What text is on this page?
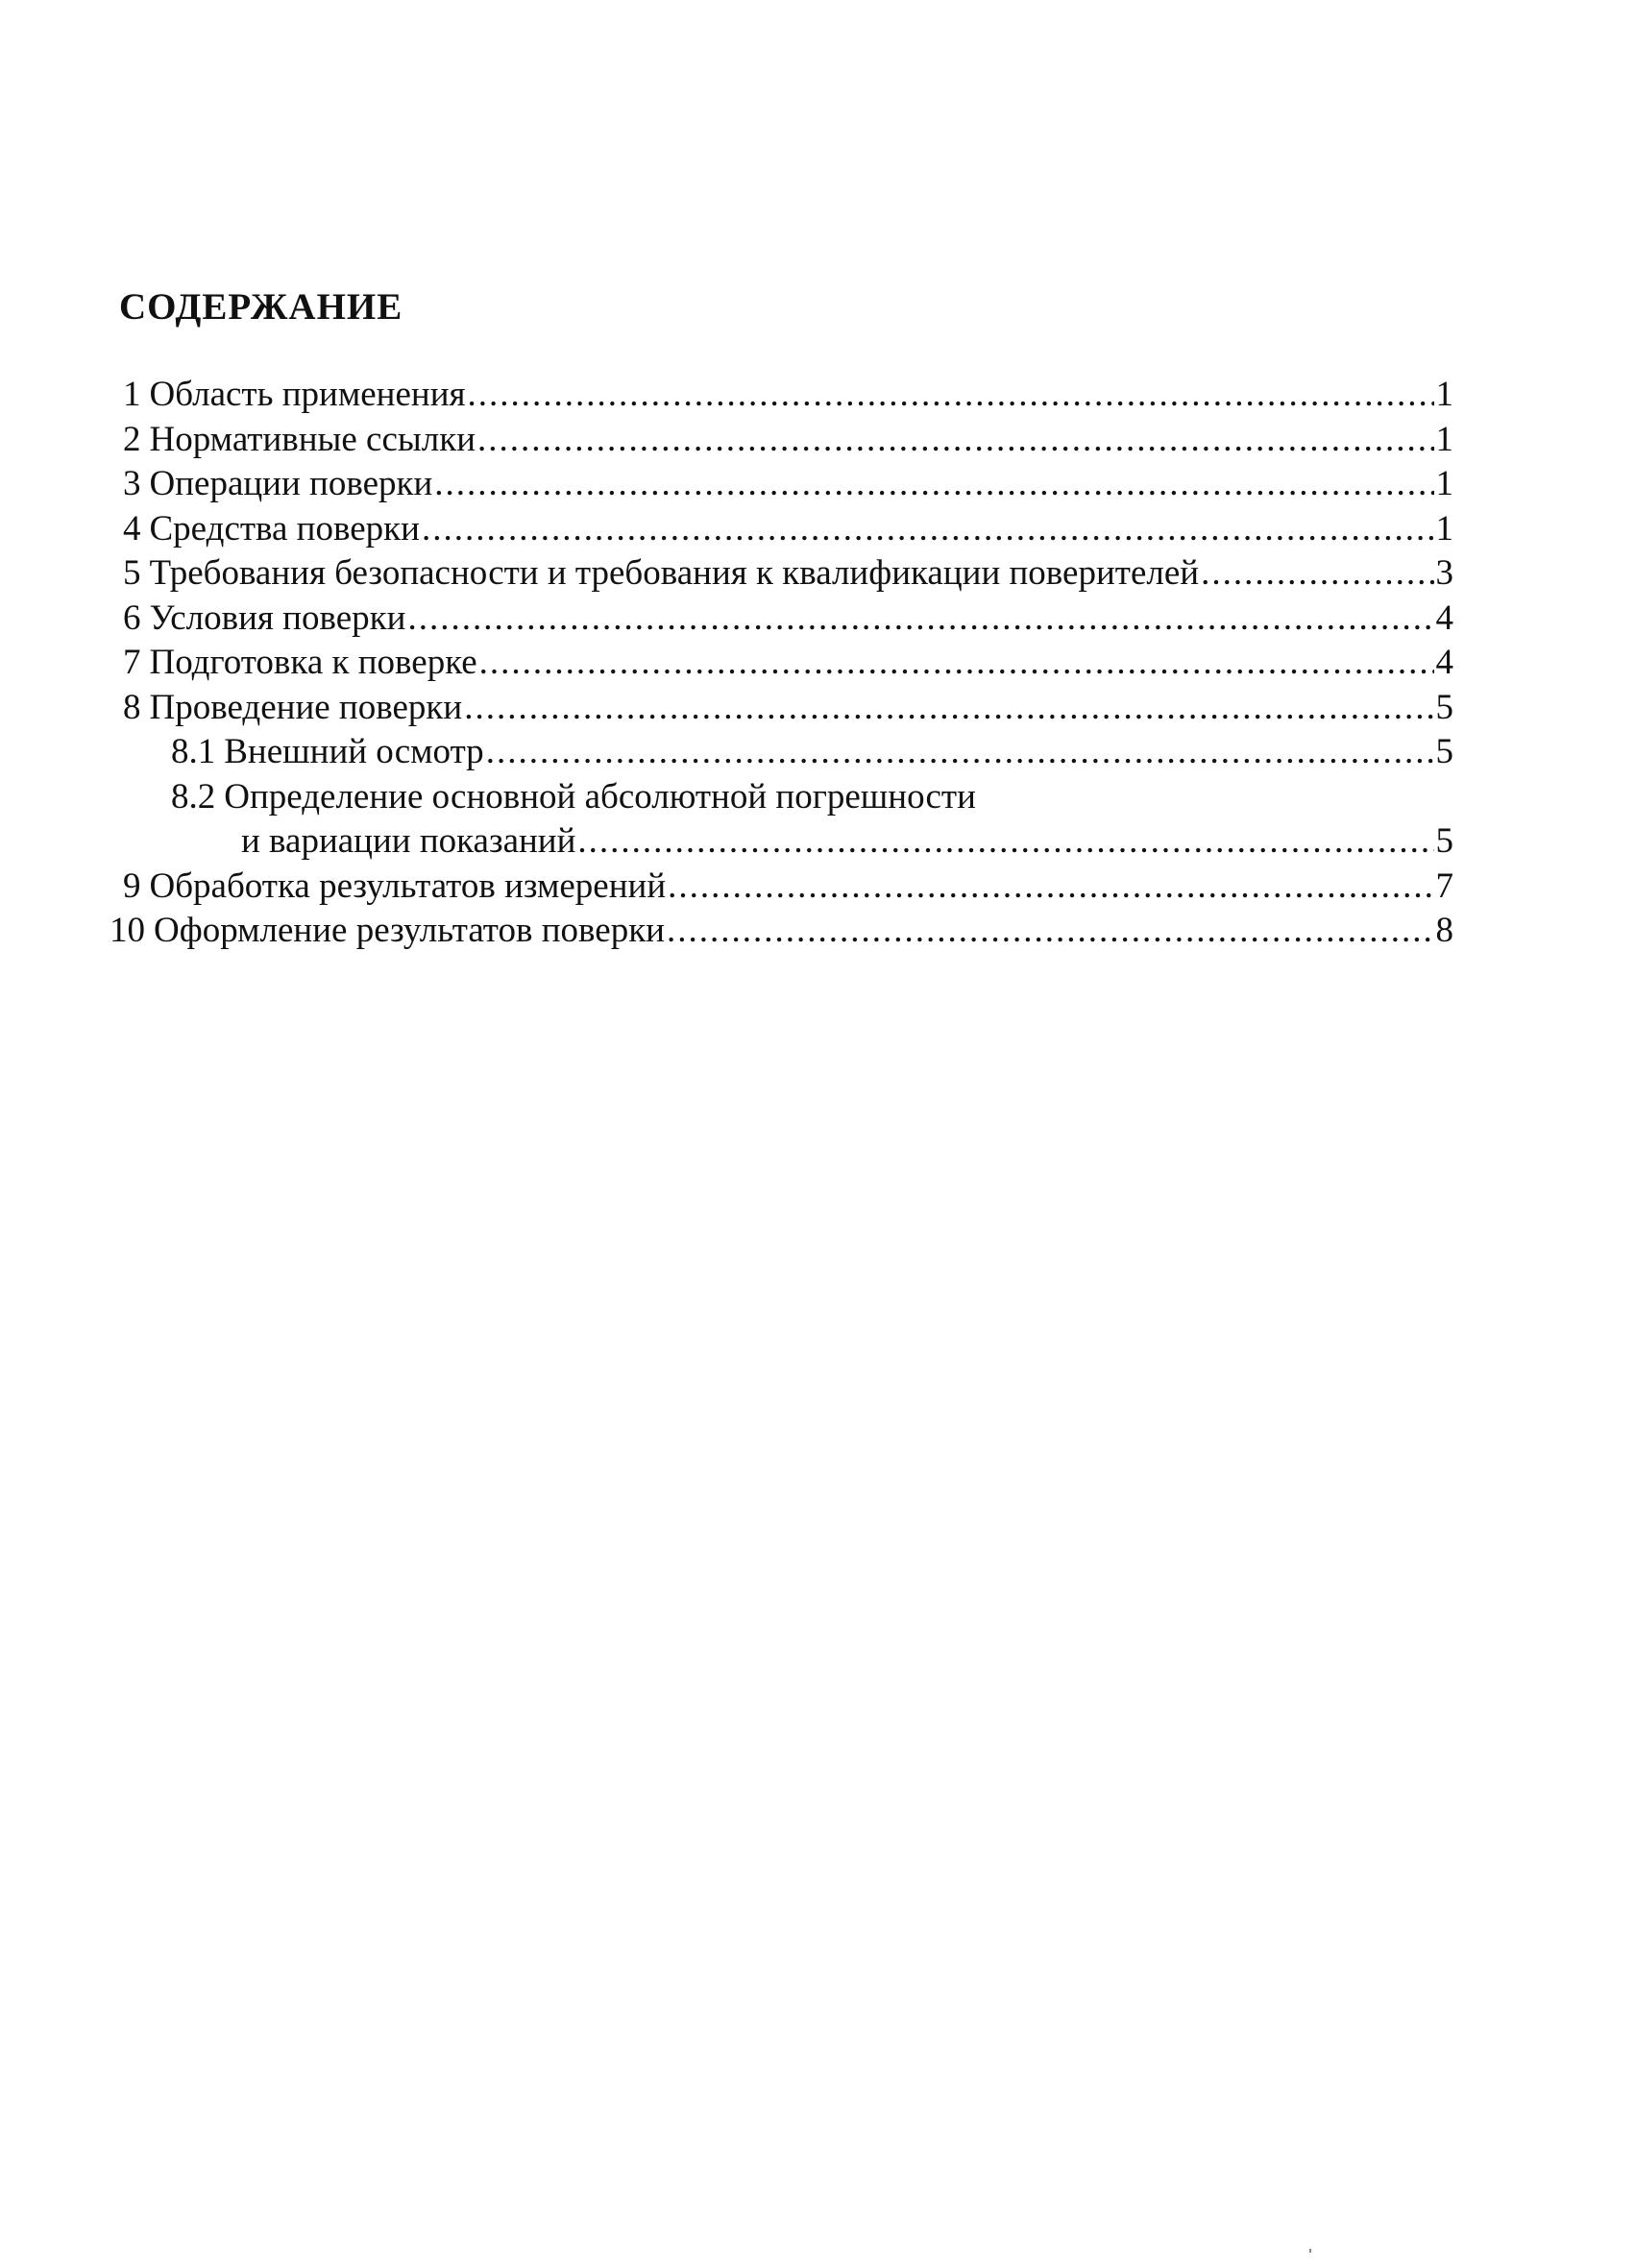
СОДЕРЖАНИЕ
1 Область применения .....	1
2 Нормативные ссылки .....	1
3 Операции поверки .....	1
4 Средства поверки .....	1
5 Требования безопасности и требования к квалификации поверителей .....	3
6 Условия поверки .....	4
7 Подготовка к поверке .....	4
8 Проведение поверки .....	5
8.1 Внешний осмотр .....	5
8.2 Определение основной абсолютной погрешности
и вариации показаний .....	5
9 Обработка результатов измерений .....	7
10 Оформление результатов поверки .....	8
